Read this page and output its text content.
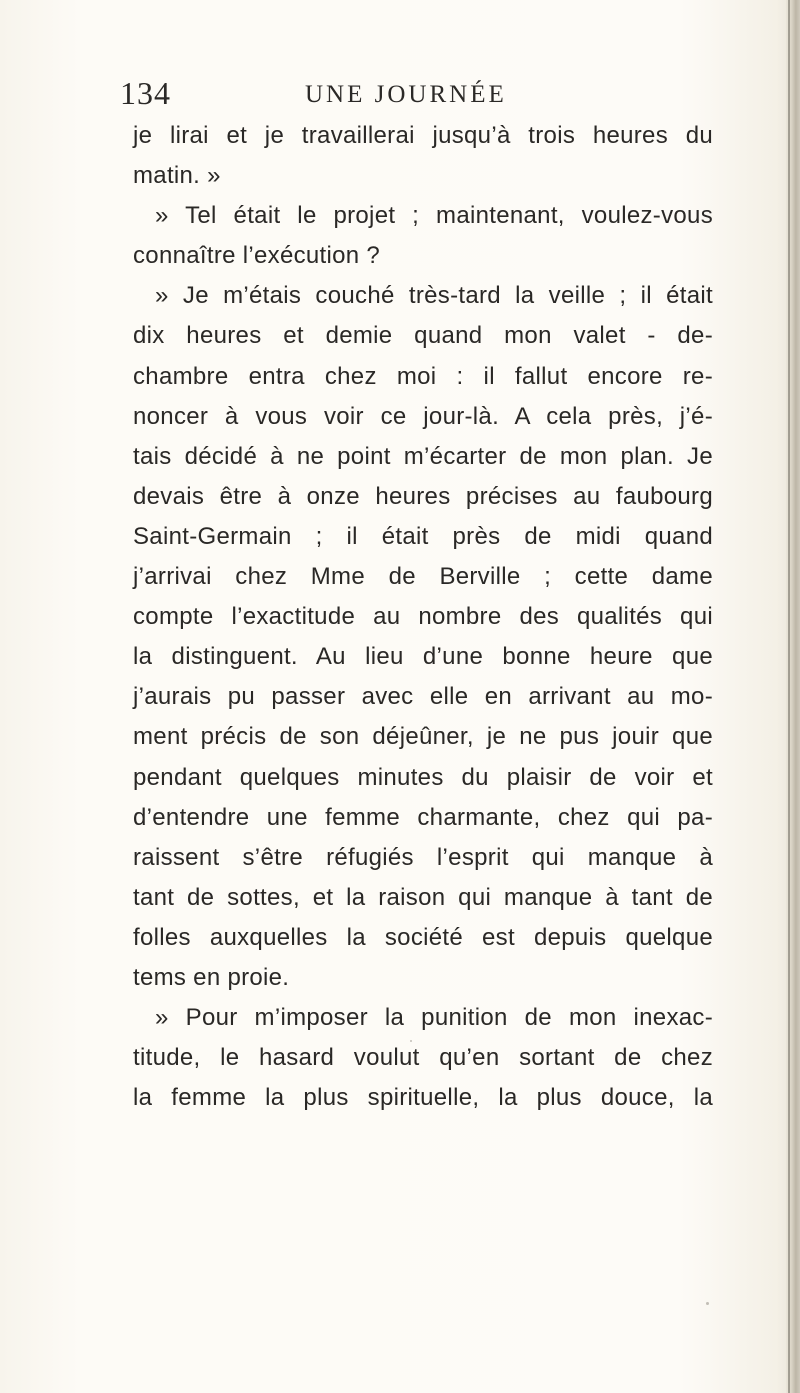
134	UNE JOURNÉE
je lirai et je travaillerai jusqu’à trois heures du
matin. »
» Tel était le projet ; maintenant, voulez-vous
connaître l’exécution ?
» Je m’étais couché très-tard la veille ; il était
dix heures et demie quand mon valet - de-
chambre entra chez moi : il fallut encore re-
noncer à vous voir ce jour-là. A cela près, j’é-
tais décidé à ne point m’écarter de mon plan. Je
devais être à onze heures précises au faubourg
Saint-Germain ; il était près de midi quand
j’arrivai chez Mme de Berville ; cette dame
compte l’exactitude au nombre des qualités qui
la distinguent. Au lieu d’une bonne heure que
j’aurais pu passer avec elle en arrivant au mo-
ment précis de son déjeûner, je ne pus jouir que
pendant quelques minutes du plaisir de voir et
d’entendre une femme charmante, chez qui pa-
raissent s’être réfugiés l’esprit qui manque à
tant de sottes, et la raison qui manque à tant de
folles auxquelles la société est depuis quelque
tems en proie.
» Pour m’imposer la punition de mon inexac-
titude, le hasard voulut qu’en sortant de chez
la femme la plus spirituelle, la plus douce, la
